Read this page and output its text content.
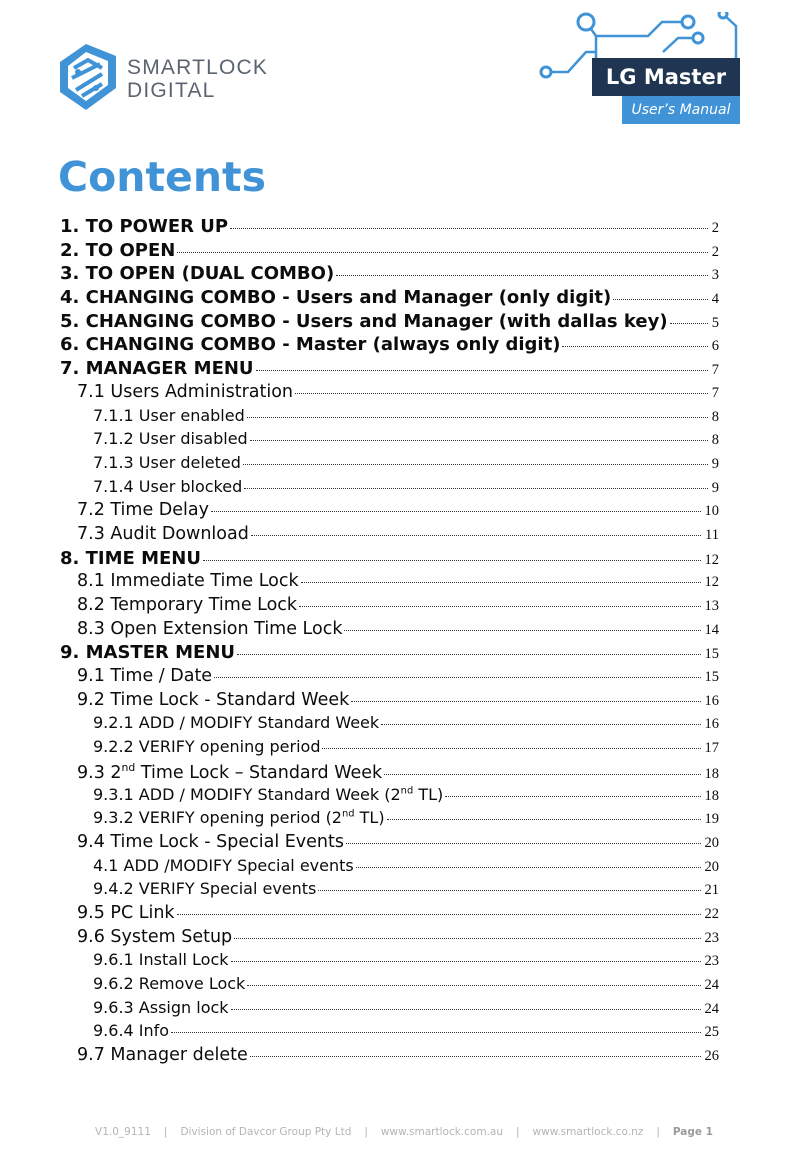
SMARTLOCK
DIGITAL
LG Master
User’s Manual
Contents
1. TO POWER UP	2
2. TO OPEN	2
3. TO OPEN (DUAL COMBO)	3
4. CHANGING COMBO - Users and Manager (only digit)	4
5. CHANGING COMBO - Users and Manager (with dallas key)	5
6. CHANGING COMBO - Master (always only digit)	6
7. MANAGER MENU	7
7.1 Users Administration	7
7.1.1 User enabled	8
7.1.2 User disabled	8
7.1.3 User deleted	9
7.1.4 User blocked	9
7.2 Time Delay	10
7.3 Audit Download	11
8. TIME MENU	12
8.1 Immediate Time Lock	12
8.2 Temporary Time Lock	13
8.3 Open Extension Time Lock	14
9. MASTER MENU	15
9.1 Time / Date	15
9.2 Time Lock - Standard Week	16
9.2.1 ADD / MODIFY Standard Week	16
9.2.2 VERIFY opening period	17
9.3 2nd Time Lock – Standard Week	18
9.3.1 ADD / MODIFY Standard Week (2nd TL)	18
9.3.2 VERIFY opening period (2nd TL)	19
9.4 Time Lock - Special Events	20
4.1 ADD /MODIFY Special events	20
9.4.2 VERIFY Special events	21
9.5 PC Link	22
9.6 System Setup	23
9.6.1 Install Lock	23
9.6.2 Remove Lock	24
9.6.3 Assign lock	24
9.6.4 Info	25
9.7 Manager delete	26
V1.0_9111 | Division of Davcor Group Pty Ltd | www.smartlock.com.au | www.smartlock.co.nz | Page 1
